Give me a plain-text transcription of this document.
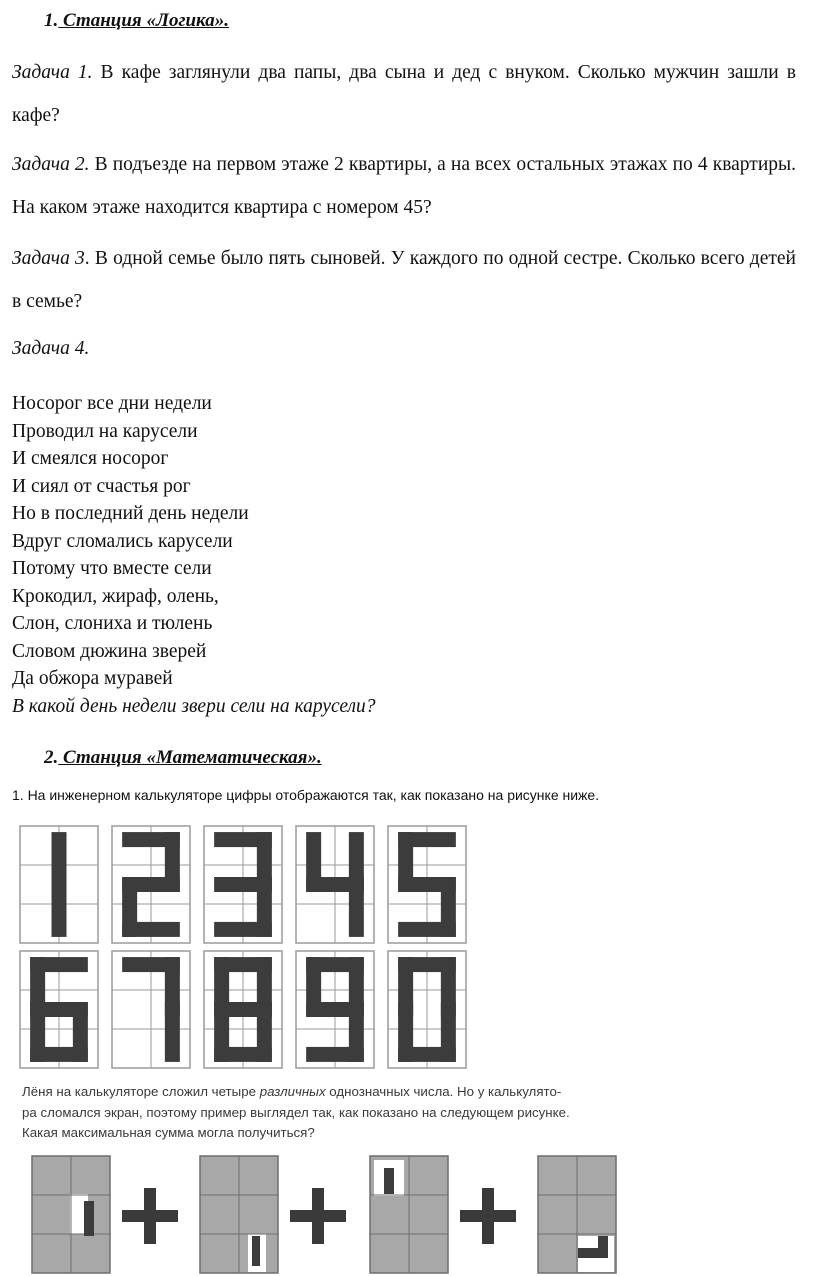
1. Станция «Логика».
Задача 1. В кафе заглянули два папы, два сына и дед с внуком. Сколько мужчин зашли в кафе?
Задача 2. В подъезде на первом этаже 2 квартиры, а на всех остальных этажах по 4 квартиры. На каком этаже находится квартира с номером 45?
Задача 3. В одной семье было пять сыновей. У каждого по одной сестре. Сколько всего детей в семье?
Задача 4.
Носорог все дни недели
Проводил на карусели
И смеялся носорог
И сиял от счастья рог
Но в последний день недели
Вдруг сломались карусели
Потому что вместе сели
Крокодил, жираф, олень,
Слон, слониха и тюлень
Словом дюжина зверей
Да обжора муравей
В какой день недели звери сели на карусели?
2. Станция «Математическая».
1. На инженерном калькуляторе цифры отображаются так, как показано на рисунке ниже.
Лёня на калькуляторе сложил четыре различных однозначных числа. Но у калькулято-
ра сломался экран, поэтому пример выглядел так, как показано на следующем рисунке.
Какая максимальная сумма могла получиться?
